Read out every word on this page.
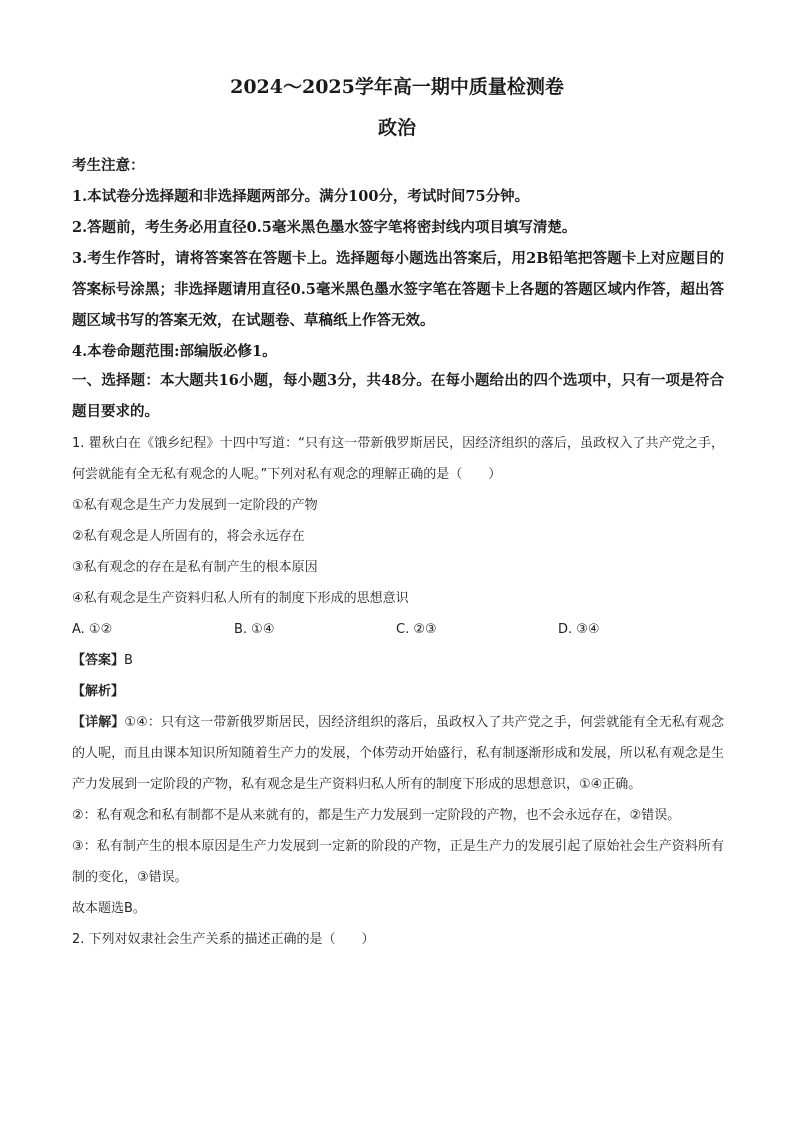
2024～2025学年高一期中质量检测卷
政治

考生注意：

1.本试卷分选择题和非选择题两部分。满分100分，考试时间75分钟。

2.答题前，考生务必用直径0.5毫米黑色墨水签字笔将密封线内项目填写清楚。

3.考生作答时，请将答案答在答题卡上。选择题每小题选出答案后，用2B铅笔把答题卡上对应题目的答案标号涂黑；非选择题请用直径0.5毫米黑色墨水签字笔在答题卡上各题的答题区域内作答，超出答题区域书写的答案无效，在试题卷、草稿纸上作答无效。

4.本卷命题范围:部编版必修1。

一、选择题：本大题共16小题，每小题3分，共48分。在每小题给出的四个选项中，只有一项是符合题目要求的。

1. 瞿秋白在《饿乡纪程》十四中写道：“只有这一带新俄罗斯居民，因经济组织的落后，虽政权入了共产党之手，何尝就能有全无私有观念的人呢。”下列对私有观念的理解正确的是（　　）

①私有观念是生产力发展到一定阶段的产物

②私有观念是人所固有的，将会永远存在

③私有观念的存在是私有制产生的根本原因

④私有观念是生产资料归私人所有的制度下形成的思想意识

A. ①②	B. ①④	C. ②③	D. ③④

【答案】B

【解析】

【详解】①④：只有这一带新俄罗斯居民，因经济组织的落后，虽政权入了共产党之手，何尝就能有全无私有观念的人呢，而且由课本知识所知随着生产力的发展，个体劳动开始盛行，私有制逐渐形成和发展，所以私有观念是生产力发展到一定阶段的产物，私有观念是生产资料归私人所有的制度下形成的思想意识，①④正确。

②：私有观念和私有制都不是从来就有的，都是生产力发展到一定阶段的产物，也不会永远存在，②错误。

③：私有制产生的根本原因是生产力发展到一定新的阶段的产物，正是生产力的发展引起了原始社会生产资料所有制的变化，③错误。

故本题选B。

2. 下列对奴隶社会生产关系的描述正确的是（　　）
